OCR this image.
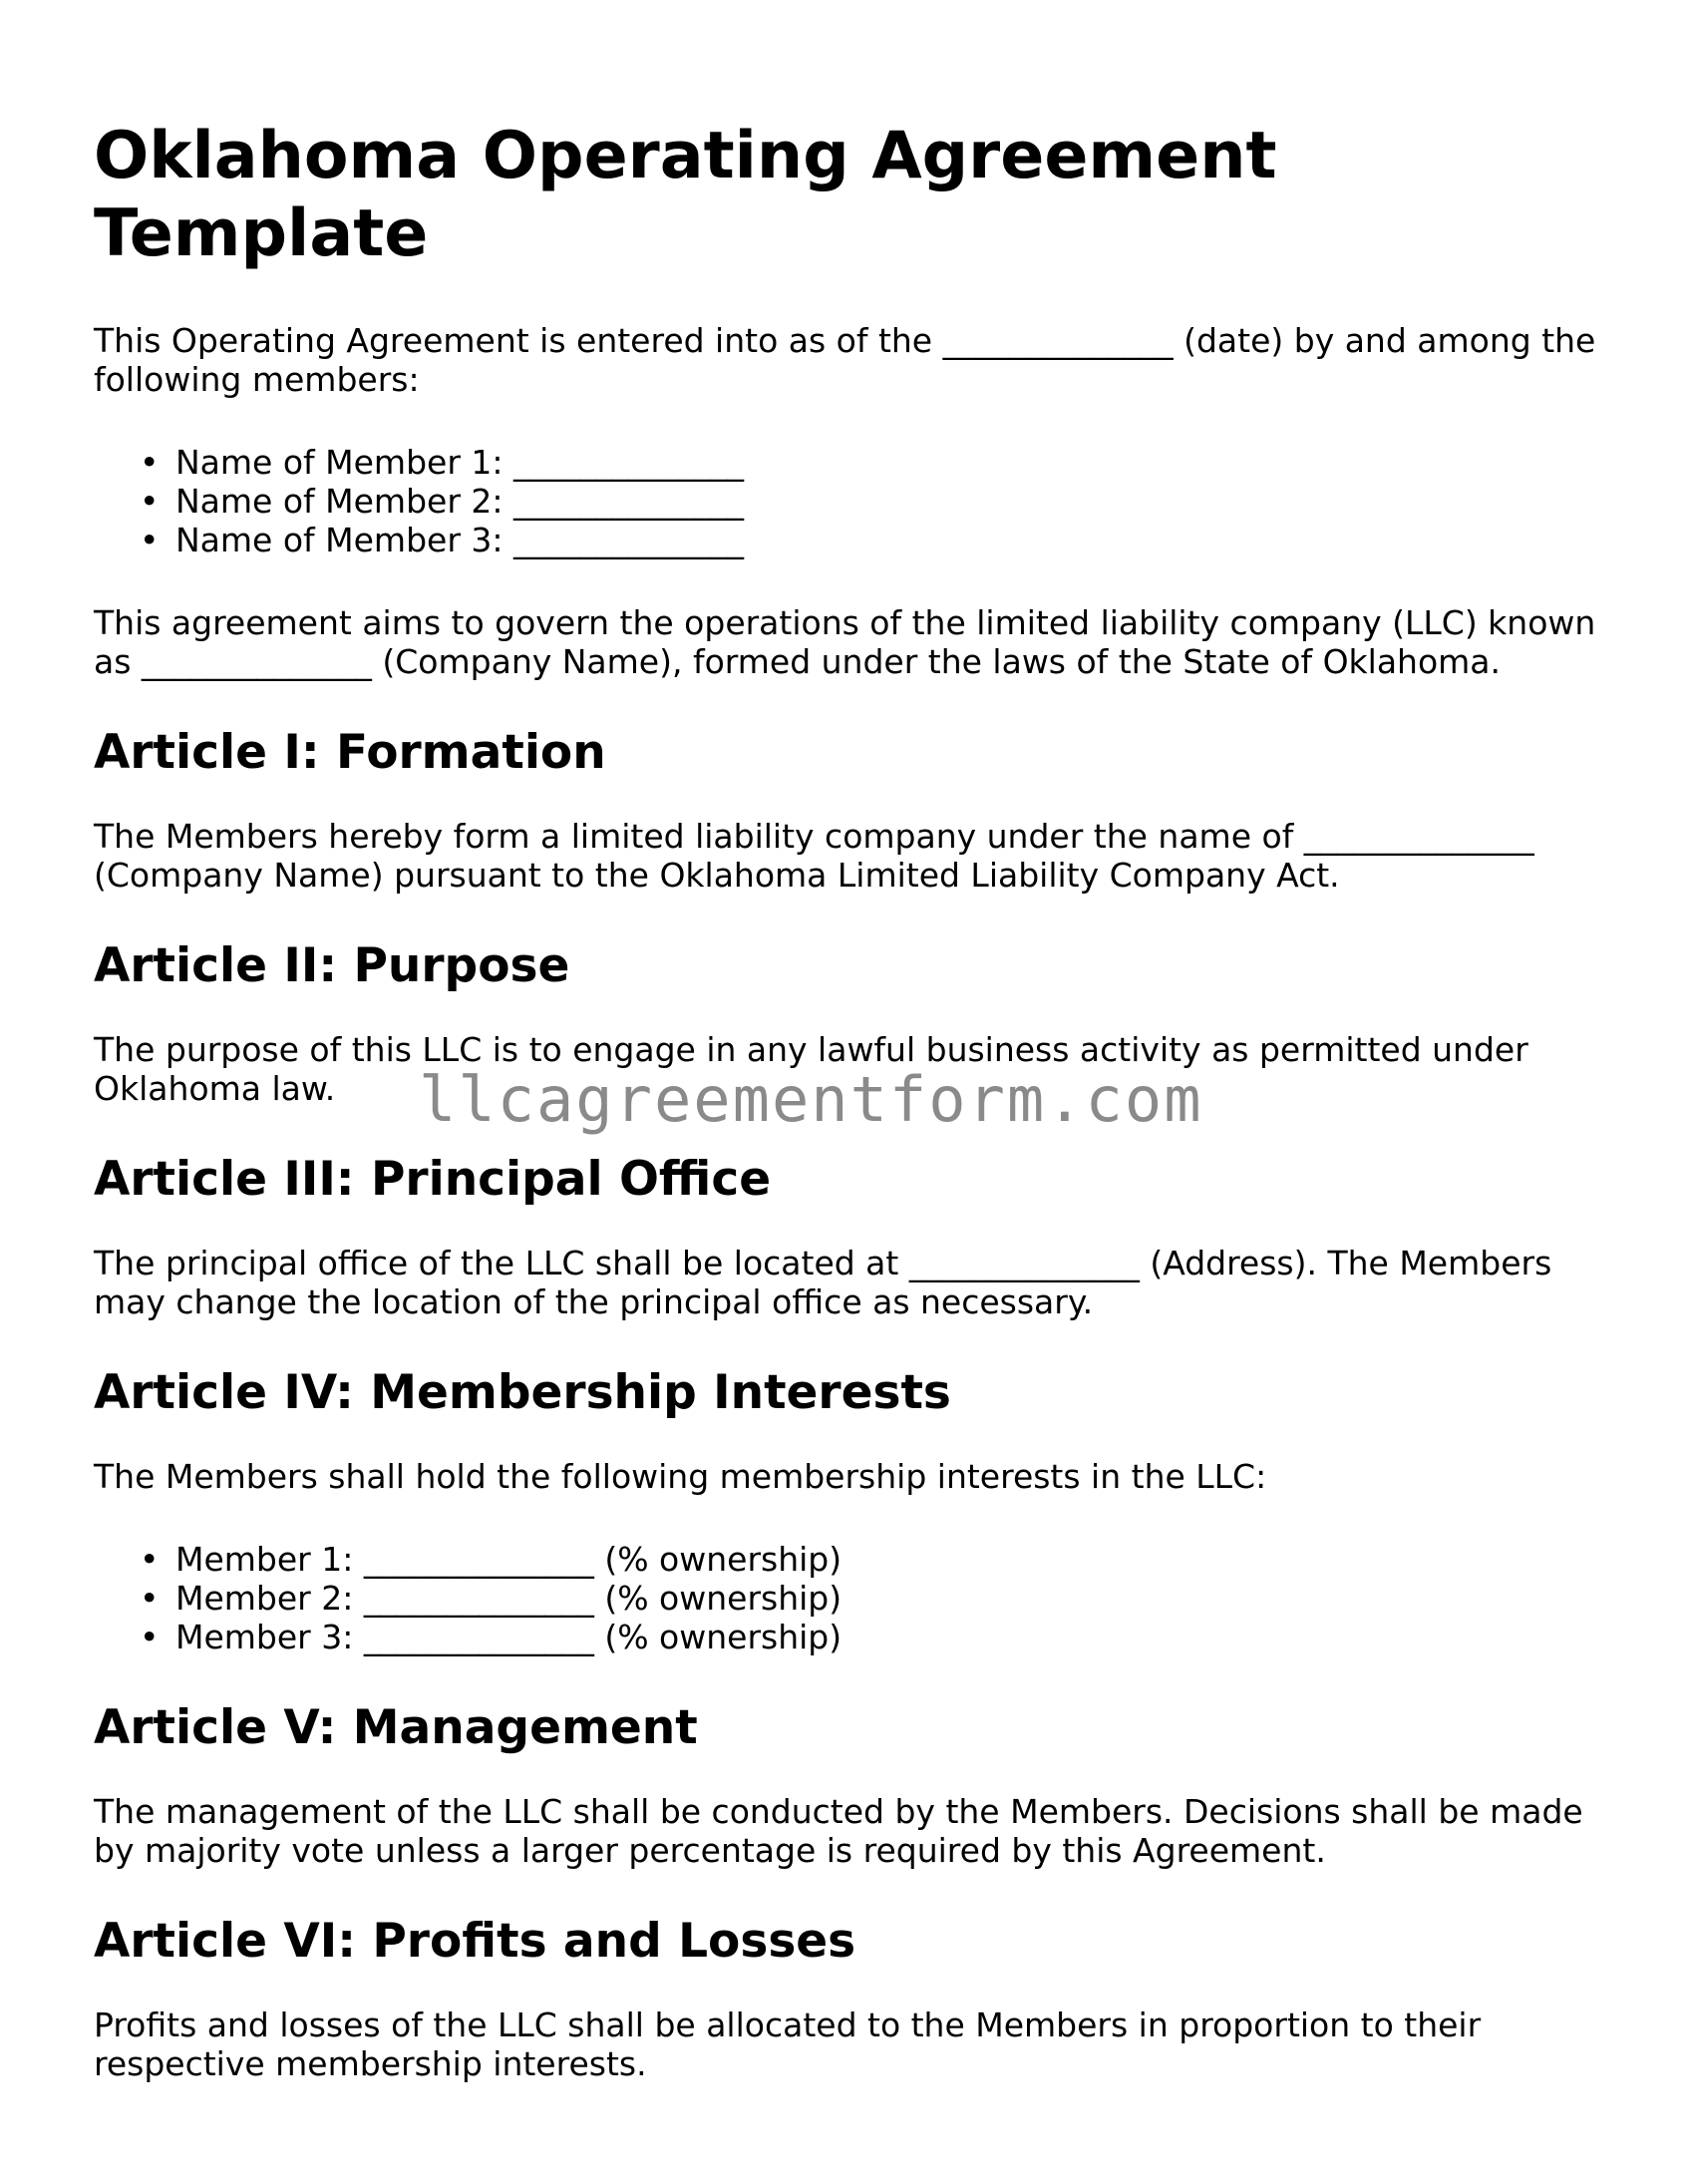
Oklahoma Operating Agreement Template

This Operating Agreement is entered into as of the ______________ (date) by and among the following members:

• Name of Member 1: ______________
• Name of Member 2: ______________
• Name of Member 3: ______________

This agreement aims to govern the operations of the limited liability company (LLC) known as ______________ (Company Name), formed under the laws of the State of Oklahoma.

Article I: Formation

The Members hereby form a limited liability company under the name of ______________ (Company Name) pursuant to the Oklahoma Limited Liability Company Act.

Article II: Purpose

The purpose of this LLC is to engage in any lawful business activity as permitted under Oklahoma law.

Article III: Principal Office

The principal office of the LLC shall be located at ______________ (Address). The Members may change the location of the principal office as necessary.

Article IV: Membership Interests

The Members shall hold the following membership interests in the LLC:

• Member 1: ______________ (% ownership)
• Member 2: ______________ (% ownership)
• Member 3: ______________ (% ownership)
Article V: Management

The management of the LLC shall be conducted by the Members. Decisions shall be made by majority vote unless a larger percentage is required by this Agreement.

Article VI: Profits and Losses

Profits and losses of the LLC shall be allocated to the Members in proportion to their respective membership interests.

llcagreementform.com
